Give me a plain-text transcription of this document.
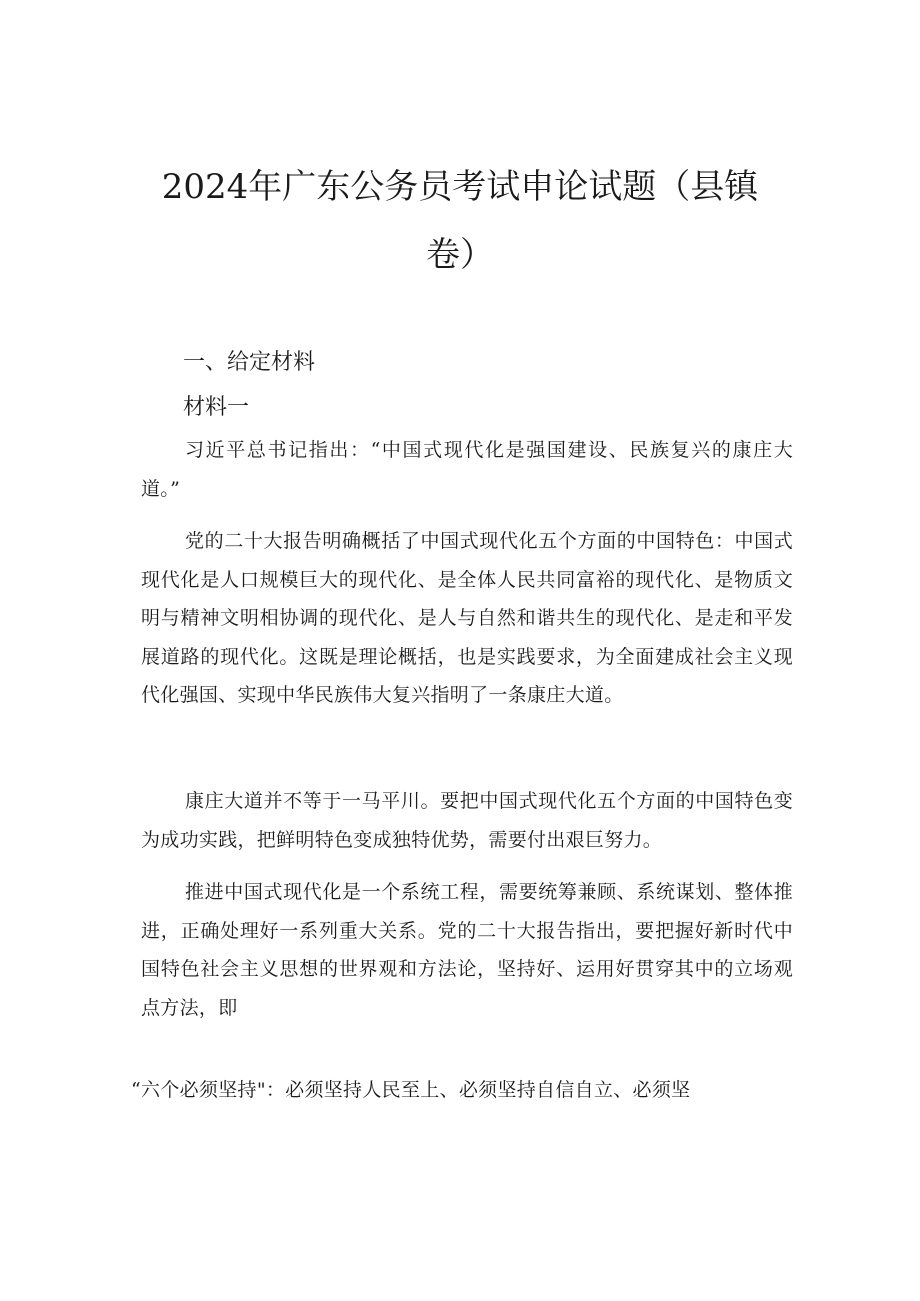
2024年广东公务员考试申论试题（县镇
卷）
一、给定材料
材料一

习近平总书记指出：“中国式现代化是强国建设、民族复兴的康庄大道。”

党的二十大报告明确概括了中国式现代化五个方面的中国特色：中国式现代化是人口规模巨大的现代化、是全体人民共同富裕的现代化、是物质文明与精神文明相协调的现代化、是人与自然和谐共生的现代化、是走和平发展道路的现代化。这既是理论概括，也是实践要求，为全面建成社会主义现代化强国、实现中华民族伟大复兴指明了一条康庄大道。

康庄大道并不等于一马平川。要把中国式现代化五个方面的中国特色变为成功实践，把鲜明特色变成独特优势，需要付出艰巨努力。

推进中国式现代化是一个系统工程，需要统筹兼顾、系统谋划、整体推进，正确处理好一系列重大关系。党的二十大报告指出，要把握好新时代中国特色社会主义思想的世界观和方法论，坚持好、运用好贯穿其中的立场观点方法，即

“六个必须坚持"：必须坚持人民至上、必须坚持自信自立、必须坚
